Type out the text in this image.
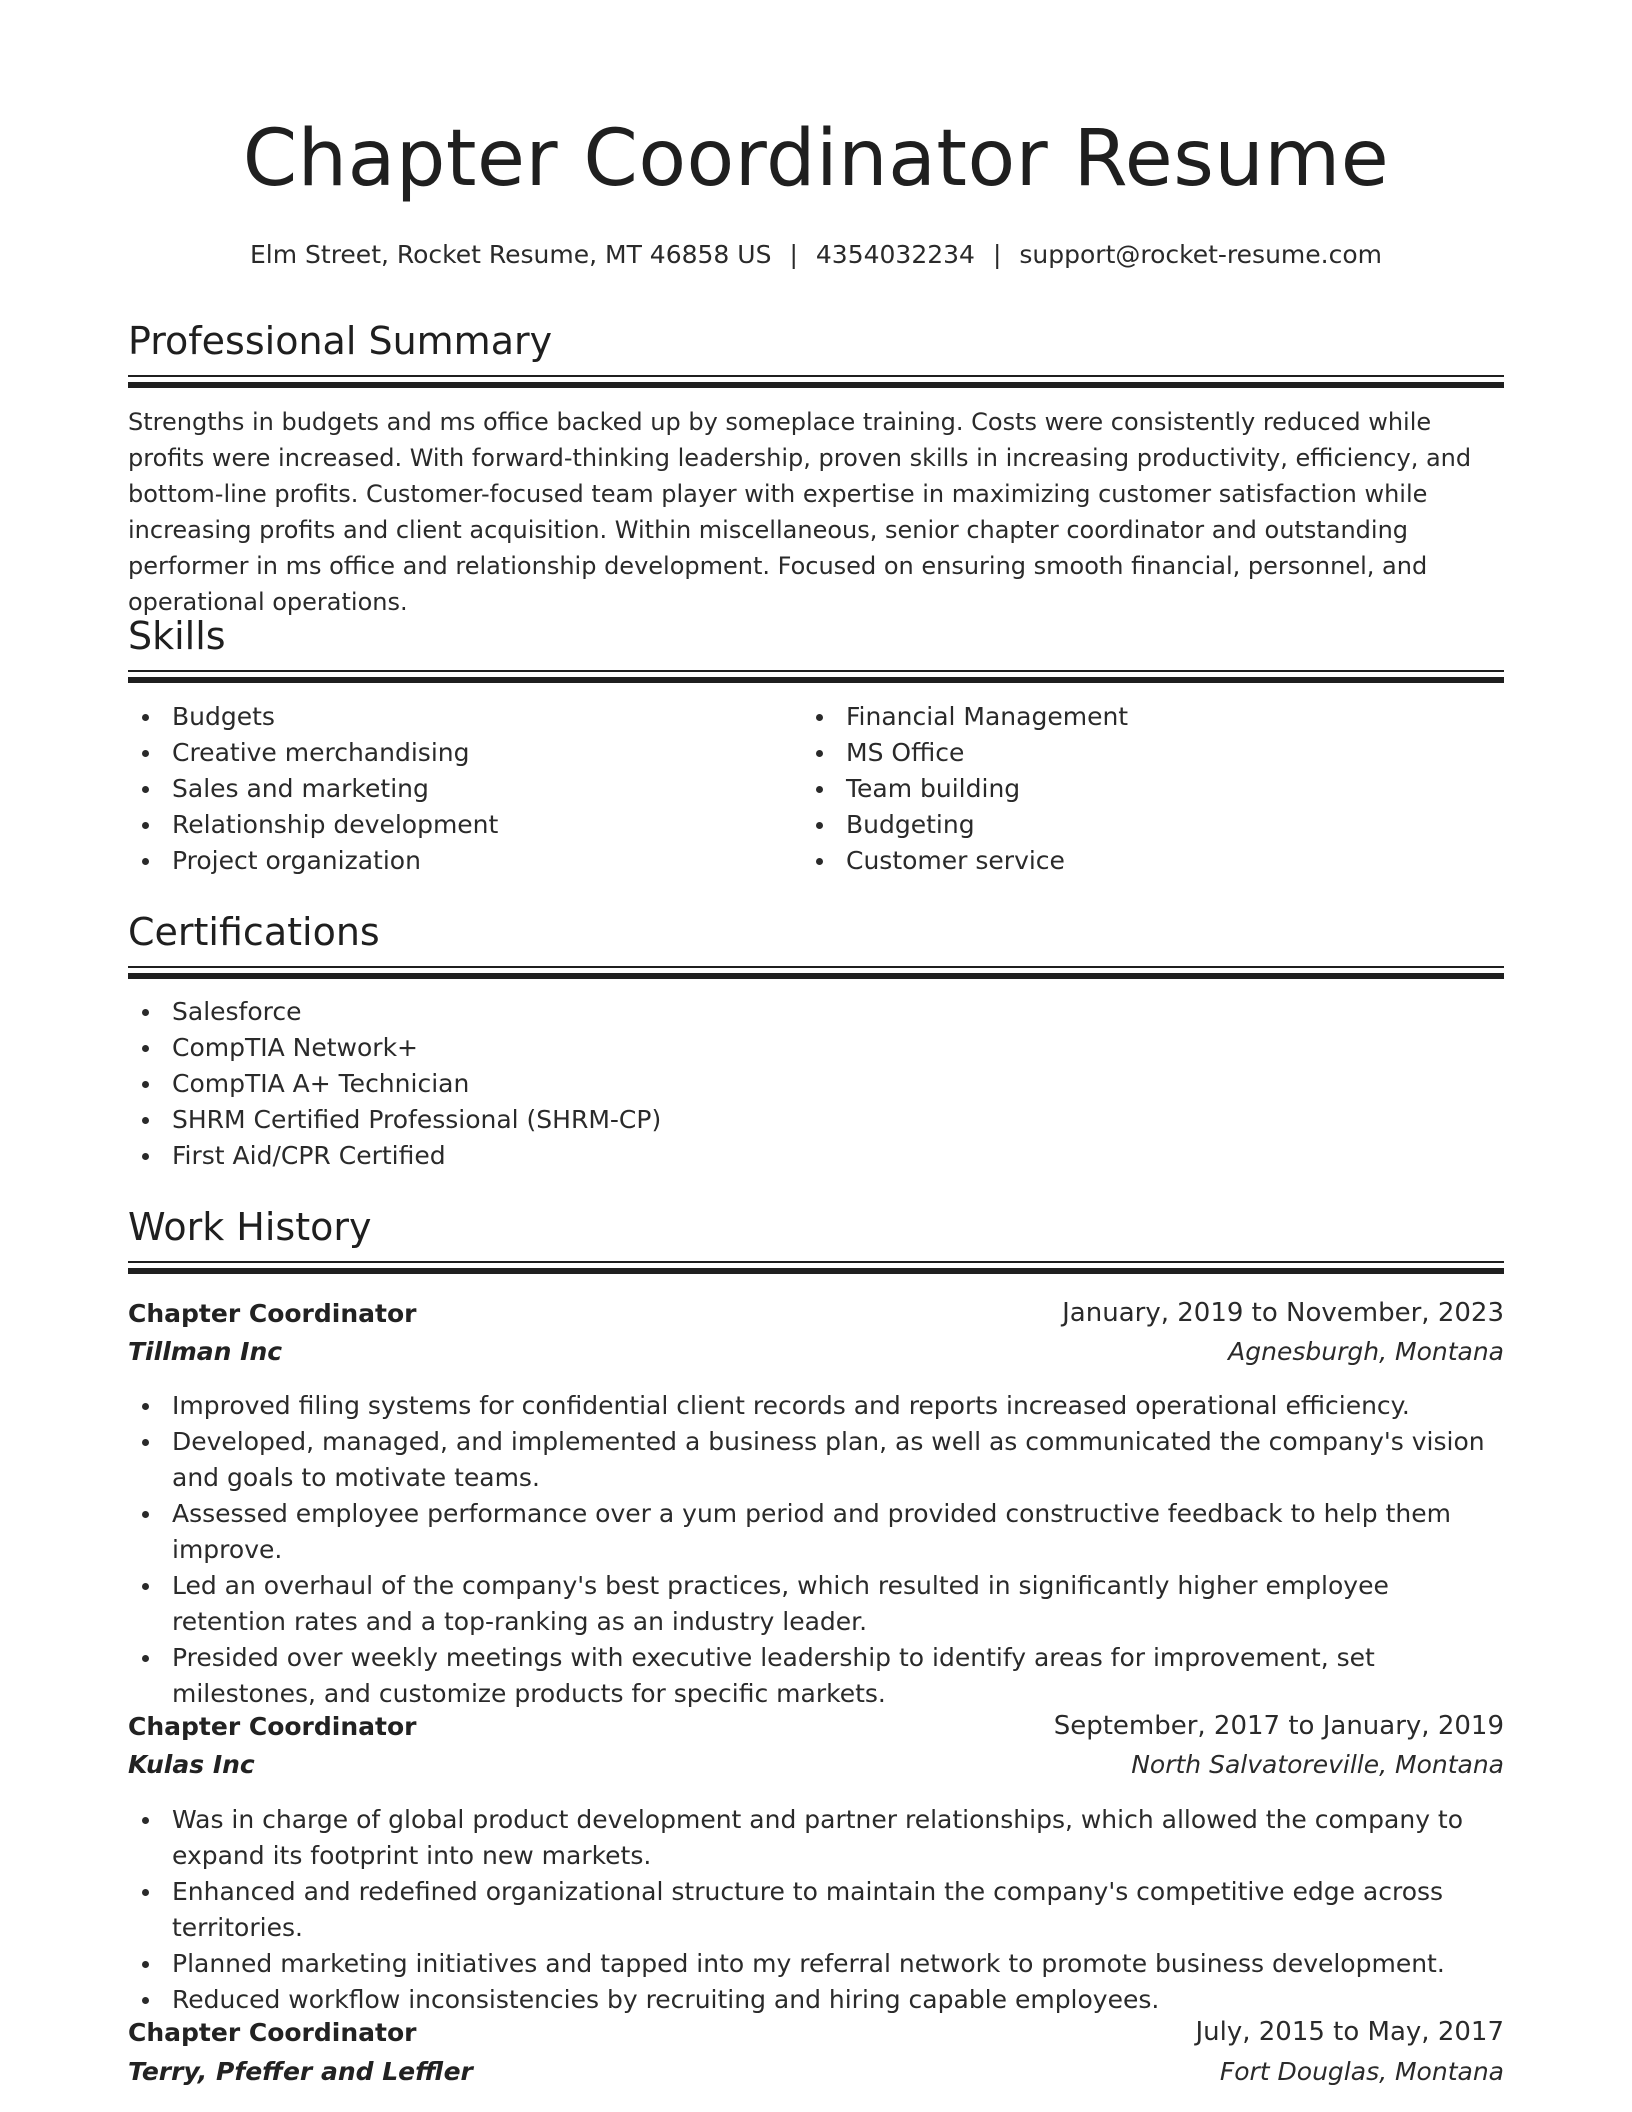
Chapter Coordinator Resume
Elm Street, Rocket Resume, MT 46858 US | 4354032234 | support@rocket-resume.com
Professional Summary
Strengths in budgets and ms office backed up by someplace training. Costs were consistently reduced while profits were increased. With forward-thinking leadership, proven skills in increasing productivity, efficiency, and bottom-line profits. Customer-focused team player with expertise in maximizing customer satisfaction while increasing profits and client acquisition. Within miscellaneous, senior chapter coordinator and outstanding performer in ms office and relationship development. Focused on ensuring smooth financial, personnel, and operational operations.
Skills
Budgets
Creative merchandising
Sales and marketing
Relationship development
Project organization
Financial Management
MS Office
Team building
Budgeting
Customer service
Certifications
Salesforce
CompTIA Network+
CompTIA A+ Technician
SHRM Certified Professional (SHRM-CP)
First Aid/CPR Certified
Work History
Chapter Coordinator	January, 2019 to November, 2023
Tillman Inc	Agnesburgh, Montana
Improved filing systems for confidential client records and reports increased operational efficiency.
Developed, managed, and implemented a business plan, as well as communicated the company's vision and goals to motivate teams.
Assessed employee performance over a yum period and provided constructive feedback to help them improve.
Led an overhaul of the company's best practices, which resulted in significantly higher employee retention rates and a top-ranking as an industry leader.
Presided over weekly meetings with executive leadership to identify areas for improvement, set milestones, and customize products for specific markets.
Chapter Coordinator	September, 2017 to January, 2019
Kulas Inc	North Salvatoreville, Montana
Was in charge of global product development and partner relationships, which allowed the company to expand its footprint into new markets.
Enhanced and redefined organizational structure to maintain the company's competitive edge across territories.
Planned marketing initiatives and tapped into my referral network to promote business development.
Reduced workflow inconsistencies by recruiting and hiring capable employees.
Chapter Coordinator	July, 2015 to May, 2017
Terry, Pfeffer and Leffler	Fort Douglas, Montana
